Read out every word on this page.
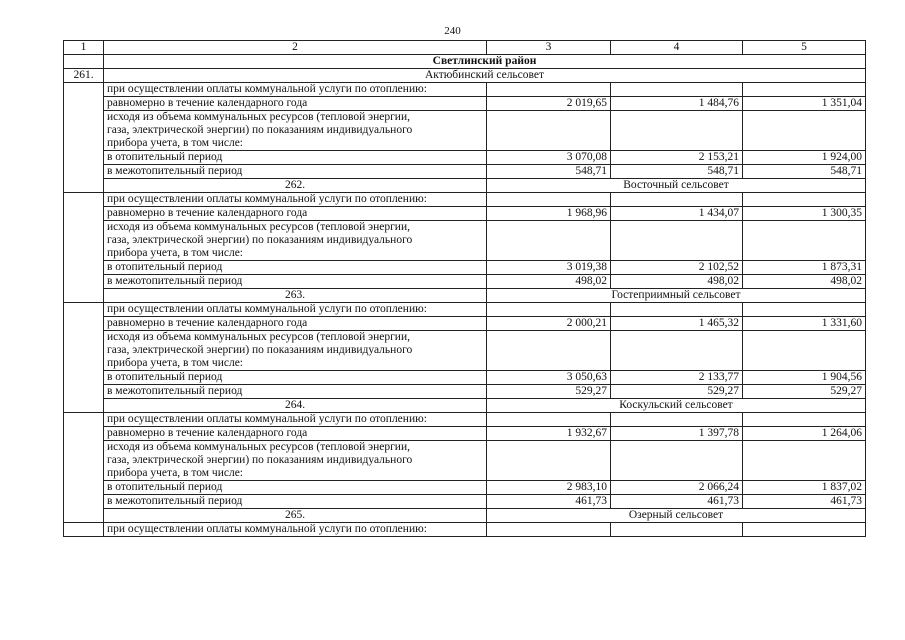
240
1	2	3	4	5
	Светлинский район			
261.	Актюбинский сельсовет			
	при осуществлении оплаты коммунальной услуги по отоплению:			
	равномерно в течение календарного года	2 019,65	1 484,76	1 351,04

	исходя из объема коммунальных ресурсов (тепловой энергии,
газа, электрической энергии) по показаниям индивидуального
прибора учета, в том числе:			

	в отопительный период	3 070,08	2 153,21	1 924,00
	в межотопительный период	548,71	548,71	548,71
	262.	Восточный сельсовет		
	при осуществлении оплаты коммунальной услуги по отоплению:			
	равномерно в течение календарного года	1 968,96	1 434,07	1 300,35

	исходя из объема коммунальных ресурсов (тепловой энергии,
газа, электрической энергии) по показаниям индивидуального
прибора учета, в том числе:			

	в отопительный период	3 019,38	2 102,52	1 873,31
	в межотопительный период	498,02	498,02	498,02
	263.	Гостеприимный сельсовет		
	при осуществлении оплаты коммунальной услуги по отоплению:			
	равномерно в течение календарного года	2 000,21	1 465,32	1 331,60

	исходя из объема коммунальных ресурсов (тепловой энергии,
газа, электрической энергии) по показаниям индивидуального
прибора учета, в том числе:			

	в отопительный период	3 050,63	2 133,77	1 904,56
	в межотопительный период	529,27	529,27	529,27
	264.	Коскульский сельсовет		
	при осуществлении оплаты коммунальной услуги по отоплению:			
	равномерно в течение календарного года	1 932,67	1 397,78	1 264,06

	исходя из объема коммунальных ресурсов (тепловой энергии,
газа, электрической энергии) по показаниям индивидуального
прибора учета, в том числе:			

	в отопительный период	2 983,10	2 066,24	1 837,02
	в межотопительный период	461,73	461,73	461,73
	265.	Озерный сельсовет		
	при осуществлении оплаты коммунальной услуги по отоплению:			
